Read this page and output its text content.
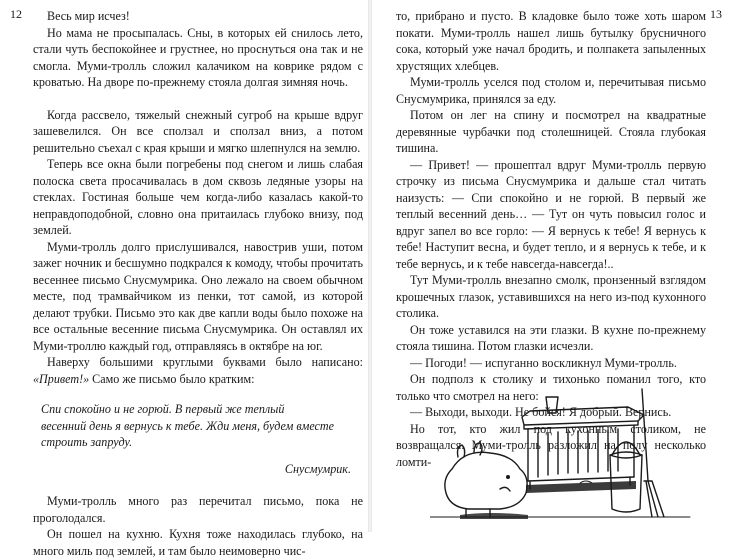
12	13

Весь мир исчез!

Но мама не просыпалась. Сны, в которых ей снилось лето, стали чуть беспокойнее и грустнее, но проснуться она так и не смогла. Муми-тролль сложил калачиком на коврике рядом с кроватью. На дворе по-прежнему стояла долгая зимняя ночь.

Когда рассвело, тяжелый снежный сугроб на крыше вдруг зашевелился. Он все сползал и сползал вниз, а потом решительно съехал с края крыши и мягко шлепнулся на землю.

Теперь все окна были погребены под снегом и лишь слабая полоска света просачивалась в дом сквозь ледяные узоры на стеклах. Гостиная больше чем когда-либо казалась какой-то неправдоподобной, словно она притаилась глубоко внизу, под землей.

Муми-тролль долго прислушивался, навострив уши, потом зажег ночник и бесшумно подкрался к комоду, чтобы прочитать весеннее письмо Снусмумрика. Оно лежало на своем обычном месте, под трамвайчиком из пенки, тот самой, из которой делают трубки. Письмо это как две капли воды было похоже на все остальные весенние письма Снусмумрика. Он оставлял их Муми-троллю каждый год, отправляясь в октябре на юг.

Наверху большими круглыми буквами было написано: «Привет!» Само же письмо было кратким:

Спи спокойно и не горюй. В первый же теплый
весенний день я вернусь к тебе. Жди меня, будем вместе
строить запруду.
Снусмумрик.

Муми-тролль много раз перечитал письмо, пока не проголодался.

Он пошел на кухню. Кухня тоже находилась глубоко, на много миль под землей, и там было неимоверно чис-

то, прибрано и пусто. В кладовке было тоже хоть шаром покати. Муми-тролль нашел лишь бутылку брусничного сока, который уже начал бродить, и полпакета запыленных хрустящих хлебцев.

Муми-тролль уселся под столом и, перечитывая письмо Снусмумрика, принялся за еду.

Потом он лег на спину и посмотрел на квадратные деревянные чурбачки под столешницей. Стояла глубокая тишина.

— Привет! — прошептал вдруг Муми-тролль первую строчку из письма Снусмумрика и дальше стал читать наизусть: — Спи спокойно и не горюй. В первый же теплый весенний день… — Тут он чуть повысил голос и вдруг запел во все горло: — Я вернусь к тебе! Я вернусь к тебе! Наступит весна, и будет тепло, и я вернусь к тебе, и к тебе вернусь, и к тебе навсегда-навсегда!..

Тут Муми-тролль внезапно смолк, пронзенный взглядом крошечных глазок, уставившихся на него из-под кухонного столика.

Он тоже уставился на эти глазки. В кухне по-прежнему стояла тишина. Потом глазки исчезли.

— Погоди! — испуганно воскликнул Муми-тролль.

Он подполз к столику и тихонько поманил того, кто только что смотрел на него:

— Выходи, выходи. Не бойся! Я добрый. Вернись.

Но тот, кто жил под кухонным столиком, не возвращался. Муми-тролль разложил на полу несколько ломти-
